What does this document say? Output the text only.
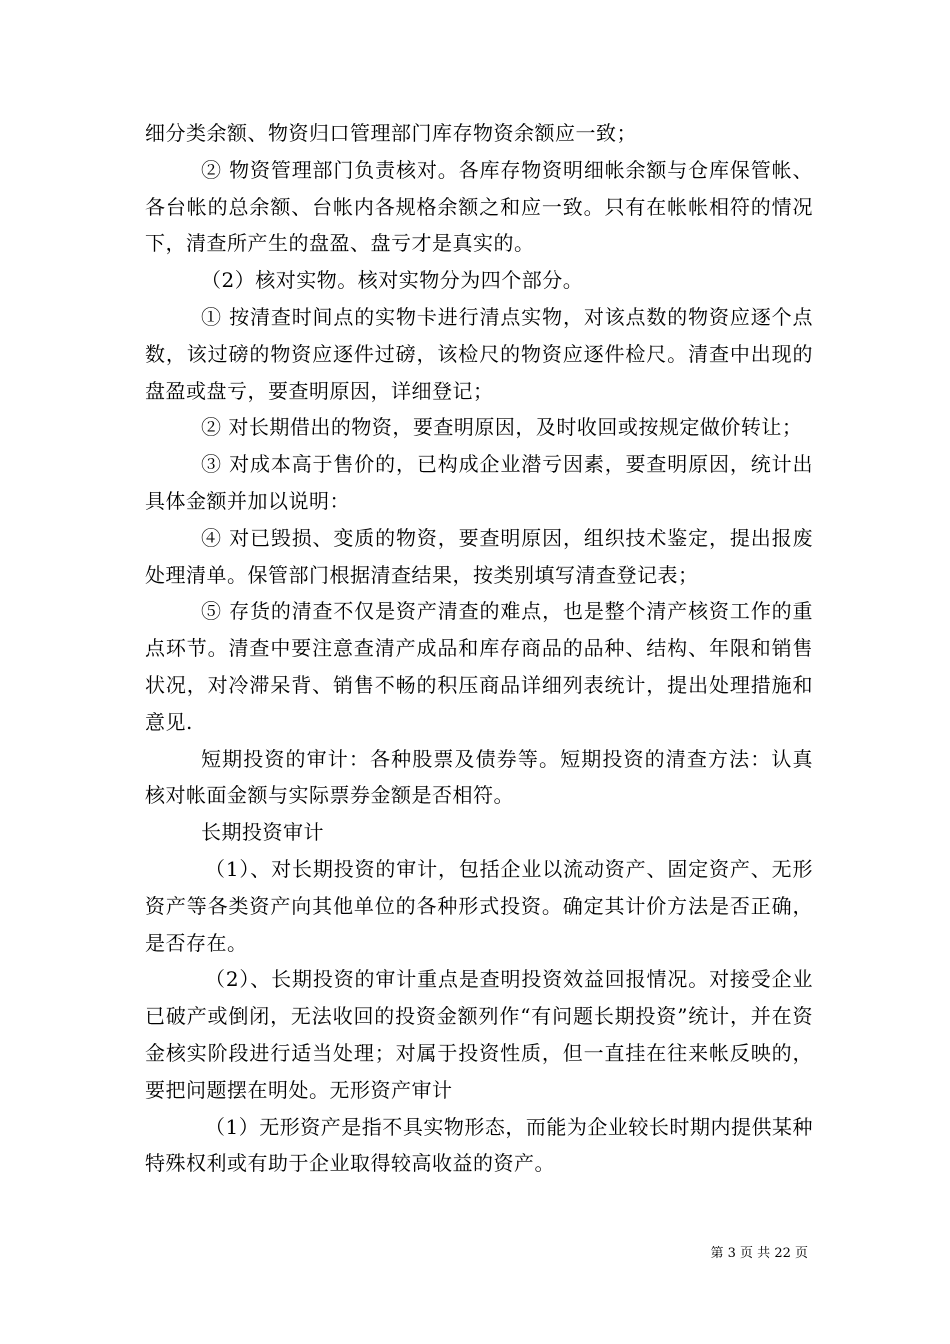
细分类余额、物资归口管理部门库存物资余额应一致；

② 物资管理部门负责核对。各库存物资明细帐余额与仓库保管帐、各台帐的总余额、台帐内各规格余额之和应一致。只有在帐帐相符的情况下，清查所产生的盘盈、盘亏才是真实的。

（2）核对实物。核对实物分为四个部分。

① 按清查时间点的实物卡进行清点实物，对该点数的物资应逐个点数，该过磅的物资应逐件过磅，该检尺的物资应逐件检尺。清查中出现的盘盈或盘亏，要查明原因，详细登记；

② 对长期借出的物资，要查明原因，及时收回或按规定做价转让；

③ 对成本高于售价的，已构成企业潜亏因素，要查明原因，统计出具体金额并加以说明：

④ 对已毁损、变质的物资，要查明原因，组织技术鉴定，提出报废处理清单。保管部门根据清查结果，按类别填写清查登记表；

⑤ 存货的清查不仅是资产清查的难点，也是整个清产核资工作的重点环节。清查中要注意查清产成品和库存商品的品种、结构、年限和销售状况，对冷滞呆背、销售不畅的积压商品详细列表统计，提出处理措施和意见.

短期投资的审计：各种股票及债券等。短期投资的清查方法：认真核对帐面金额与实际票券金额是否相符。

长期投资审计

（1）、对长期投资的审计，包括企业以流动资产、固定资产、无形资产等各类资产向其他单位的各种形式投资。确定其计价方法是否正确，是否存在。

（2）、长期投资的审计重点是查明投资效益回报情况。对接受企业已破产或倒闭，无法收回的投资金额列作“有问题长期投资”统计，并在资金核实阶段进行适当处理；对属于投资性质，但一直挂在往来帐反映的，要把问题摆在明处。无形资产审计

（1）无形资产是指不具实物形态，而能为企业较长时期内提供某种特殊权利或有助于企业取得较高收益的资产。

第 3 页 共 22 页
